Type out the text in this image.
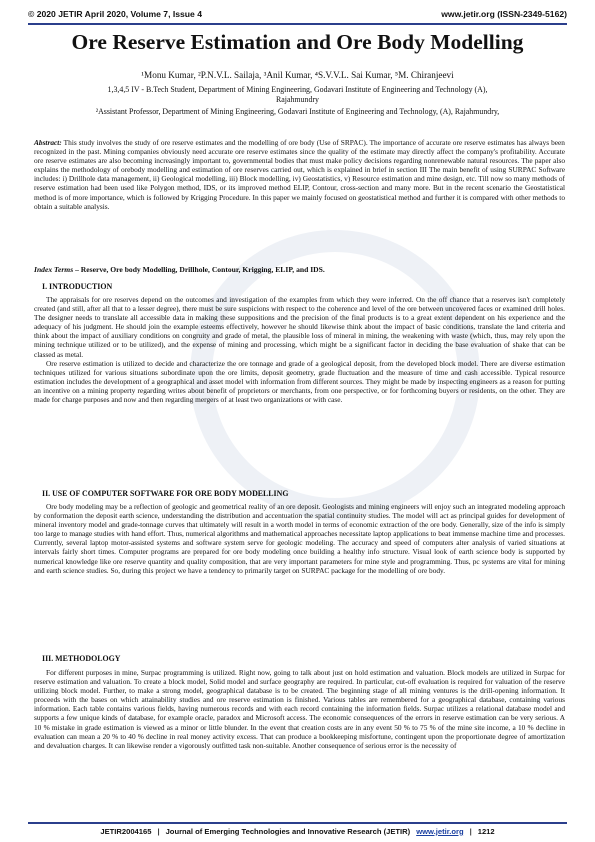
© 2020 JETIR April 2020, Volume 7, Issue 4	www.jetir.org (ISSN-2349-5162)
Ore Reserve Estimation and Ore Body Modelling
¹Monu Kumar, ²P.N.V.L. Sailaja, ³Anil Kumar, ⁴S.V.V.L. Sai Kumar, ⁵M. Chiranjeevi
1,3,4,5 IV - B.Tech Student, Department of Mining Engineering, Godavari Institute of Engineering and Technology (A),
Rajahmundry
²Assistant Professor, Department of Mining Engineering, Godavari Institute of Engineering and Technology, (A), Rajahmundry,
Abstract: This study involves the study of ore reserve estimates and the modelling of ore body (Use of SRPAC). The importance of accurate ore reserve estimates has always been recognized in the past. Mining companies obviously need accurate ore reserve estimates since the quality of the estimate may directly affect the company's profitability. Accurate ore reserve estimates are also becoming increasingly important to, governmental bodies that must make policy decisions regarding nonrenewable natural resources. The paper also explains the methodology of orebody modelling and estimation of ore reserves carried out, which is explained in brief in section III The main benefit of using SURPAC Software includes: i) Drillhole data management, ii) Geological modelling, iii) Block modelling, iv) Geostatistics, v) Resource estimation and mine design, etc. Till now so many methods of reserve estimation had been used like Polygon method, IDS, or its improved method ELIP, Contour, cross-section and many more. But in the recent scenario the Geostatistical method is of more importance, which is followed by Krigging Procedure. In this paper we mainly focused on geostatistical method and further it is compared with other methods to obtain a suitable analysis.
Index Terms – Reserve, Ore body Modelling, Drillhole, Contour, Krigging, ELIP, and IDS.
I. INTRODUCTION

The appraisals for ore reserves depend on the outcomes and investigation of the examples from which they were inferred. On the off chance that a reserves isn't completely created (and still, after all that to a lesser degree), there must be sure suspicions with respect to the coherence and level of the ore between uncovered faces or examined drill holes. The designer needs to translate all accessible data in making these suppositions and the precision of the final products is to a great extent dependent on his experience and the adequacy of his judgment. He should join the example esteems effectively, however he should likewise think about the impact of basic conditions, translate the land criteria and think about the impact of auxiliary conditions on congruity and grade of metal, the plausible loss of mineral in mining, the weakening with waste (which, thus, may rely upon the mining technique utilized or to be utilized), and the expense of mining and processing, which might be a significant factor in deciding the base evaluation of shake that can be classed as metal.

Ore reserve estimation is utilized to decide and characterize the ore tonnage and grade of a geological deposit, from the developed block model. There are diverse estimation techniques utilized for various situations subordinate upon the ore limits, deposit geometry, grade fluctuation and the measure of time and cash accessible. Typical resource estimation includes the development of a geographical and asset model with information from different sources. They might be made by inspecting engineers as a reason for putting an incentive on a mining property regarding writes about benefit of proprietors or merchants, from one perspective, or for forthcoming buyers or residents, on the other. They are made for charge purposes and now and then regarding mergers of at least two organizations or with case.

II. USE OF COMPUTER SOFTWARE FOR ORE BODY MODELLING

Ore body modeling may be a reflection of geologic and geometrical reality of an ore deposit. Geologists and mining engineers will enjoy such an integrated modeling approach by conformation the deposit earth science, understanding the distribution and accentuation the spatial continuity studies. The model will act as principal guides for development of mineral inventory model and grade-tonnage curves that ultimately will result in a worth model in terms of economic extraction of the ore body. Generally, size of the info is simply too large to manage studies with hand effort. Thus, numerical algorithms and mathematical approaches necessitate laptop applications to beat immense machine time and processes. Currently, several laptop motor-assisted systems and software system serve for geologic modeling. The accuracy and speed of computers alter analysis of varied situations at intervals fairly short times. Computer programs are prepared for ore body modeling once building a healthy info structure. Visual look of earth science body is supported by numerical knowledge like ore reserve quantity and quality composition, that are very important parameters for mine style and programming. Thus, pc systems are vital for mining and earth science studies. So, during this project we have a tendency to primarily target on SURPAC package for the modelling of ore body.

III. METHODOLOGY

For different purposes in mine, Surpac programming is utilized. Right now, going to talk about just on hold estimation and valuation. Block models are utilized in Surpac for reserve estimation and valuation. To create a block model, Solid model and surface geography are required. In particular, cut-off evaluation is required for valuation of the reserve utilizing block model. Further, to make a strong model, geographical database is to be created. The beginning stage of all mining ventures is the drill-opening information. It proceeds with the bases on which attainability studies and ore reserve estimation is finished. Various tables are remembered for a geographical database, containing various information. Each table contains various fields, having numerous records and with each record containing the information fields. Surpac utilizes a relational database model and supports a few unique kinds of database, for example oracle, paradox and Microsoft access. The economic consequences of the errors in reserve estimation can be very serious. A 10 % mistake in grade estimation is viewed as a minor or little blunder. In the event that creation costs are in any event 50 % to 75 % of the mine site income, a 10 % decline in evaluation can mean a 20 % to 40 % decline in real money activity excess. That can produce a bookkeeping misfortune, contingent upon the proportionate degree of amortization and devaluation charges. It can likewise render a vigorously outfitted task non-suitable. Another consequence of serious error is the necessity of

JETIR2004165 | Journal of Emerging Technologies and Innovative Research (JETIR) www.jetir.org | 1212
